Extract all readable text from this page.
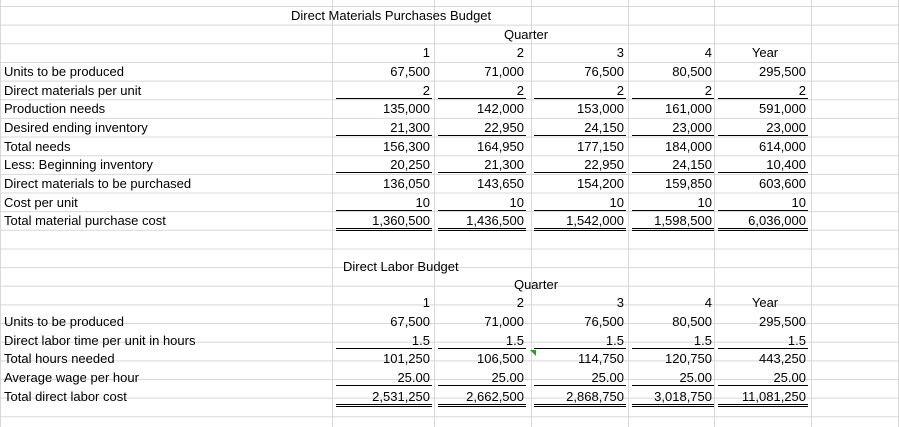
Direct Materials Purchases Budget
Quarter
1	2	3	4	Year
Units to be produced	67,500	71,000	76,500	80,500	295,500
Direct materials per unit	2	2	2	2	2
Production needs	135,000	142,000	153,000	161,000	591,000
Desired ending inventory	21,300	22,950	24,150	23,000	23,000
Total needs	156,300	164,950	177,150	184,000	614,000
Less: Beginning inventory	20,250	21,300	22,950	24,150	10,400
Direct materials to be purchased	136,050	143,650	154,200	159,850	603,600
Cost per unit	10	10	10	10	10
Total material purchase cost	1,360,500	1,436,500	1,542,000	1,598,500	6,036,000
Direct Labor Budget
Quarter
1	2	3	4	Year
Units to be produced	67,500	71,000	76,500	80,500	295,500
Direct labor time per unit in hours	1.5	1.5	1.5	1.5	1.5
Total hours needed	101,250	106,500	114,750	120,750	443,250
Average wage per hour	25.00	25.00	25.00	25.00	25.00
Total direct labor cost	2,531,250	2,662,500	2,868,750	3,018,750	11,081,250
